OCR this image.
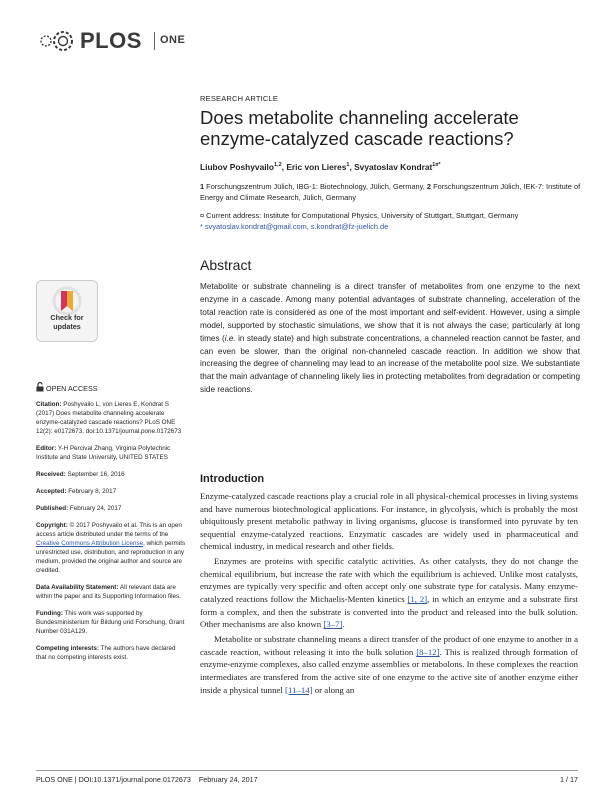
PLOS ONE
RESEARCH ARTICLE
Does metabolite channeling accelerate enzyme-catalyzed cascade reactions?
Liubov Poshyvailo$^{1,2}$, Eric von Lieres$^1$, Svyatoslav Kondrat$^{1¤*}$
1 Forschungszentrum Jülich, IBG-1: Biotechnology, Jülich, Germany, 2 Forschungszentrum Jülich, IEK-7: Institute of Energy and Climate Research, Jülich, Germany
¤ Current address: Institute for Computational Physics, University of Stuttgart, Stuttgart, Germany
* svyatoslav.kondrat@gmail.com, s.kondrat@fz-juelich.de
Abstract
Metabolite or substrate channeling is a direct transfer of metabolites from one enzyme to the next enzyme in a cascade. Among many potential advantages of substrate channeling, acceleration of the total reaction rate is considered as one of the most important and self-evident. However, using a simple model, supported by stochastic simulations, we show that it is not always the case; particularly at long times (i.e. in steady state) and high substrate concentrations, a channeled reaction cannot be faster, and can even be slower, than the original non-channeled cascade reaction. In addition we show that increasing the degree of channeling may lead to an increase of the metabolite pool size. We substantiate that the main advantage of channeling likely lies in protecting metabolites from degradation or competing side reactions.
Introduction

Enzyme-catalyzed cascade reactions play a crucial role in all physical-chemical processes in living systems and have numerous biotechnological applications. For instance, in glycolysis, which is probably the most ubiquitously present metabolic pathway in living organisms, glucose is transformed into pyruvate by ten sequential enzyme-catalyzed reactions. Enzymatic cascades are widely used in pharmaceutical and chemical industry, in medical research and other fields.

Enzymes are proteins with specific catalytic activities. As other catalysts, they do not change the chemical equilibrium, but increase the rate with which the equilibrium is achieved. Unlike most catalysts, enzymes are typically very specific and often accept only one substrate type for catalysis. Many enzyme-catalyzed reactions follow the Michaelis-Menten kinetics [1, 2], in which an enzyme and a substrate first form a complex, and then the substrate is converted into the product and released into the bulk solution. Other mechanisms are also known [3–7].

Metabolite or substrate channeling means a direct transfer of the product of one enzyme to another in a cascade reaction, without releasing it into the bulk solution [8–12]. This is realized through formation of enzyme-enzyme complexes, also called enzyme assemblies or metabolons. In these complexes the reaction intermediates are transfered from the active site of one enzyme to the active site of another enzyme either inside a physical tunnel [11–14] or along an

Check for
updates
OPEN ACCESS

Citation: Poshyvailo L, von Lieres E, Kondrat S (2017) Does metabolite channeling accelerate enzyme-catalyzed cascade reactions? PLoS ONE 12(2): e0172673. doi:10.1371/journal.pone.0172673

Editor: Y-H Percival Zhang, Virginia Polytechnic Institute and State University, UNITED STATES

Received: September 16, 2016

Accepted: February 8, 2017

Published: February 24, 2017

Copyright: © 2017 Poshyvailo et al. This is an open access article distributed under the terms of the Creative Commons Attribution License, which permits unrestricted use, distribution, and reproduction in any medium, provided the original author and source are credited.

Data Availability Statement: All relevant data are within the paper and its Supporting Information files.

Funding: This work was supported by Bundesministerium für Bildung und Forschung, Grant Number 031A129.

Competing interests: The authors have declared that no competing interests exist.

PLOS ONE | DOI:10.1371/journal.pone.0172673    February 24, 2017	1 / 17
